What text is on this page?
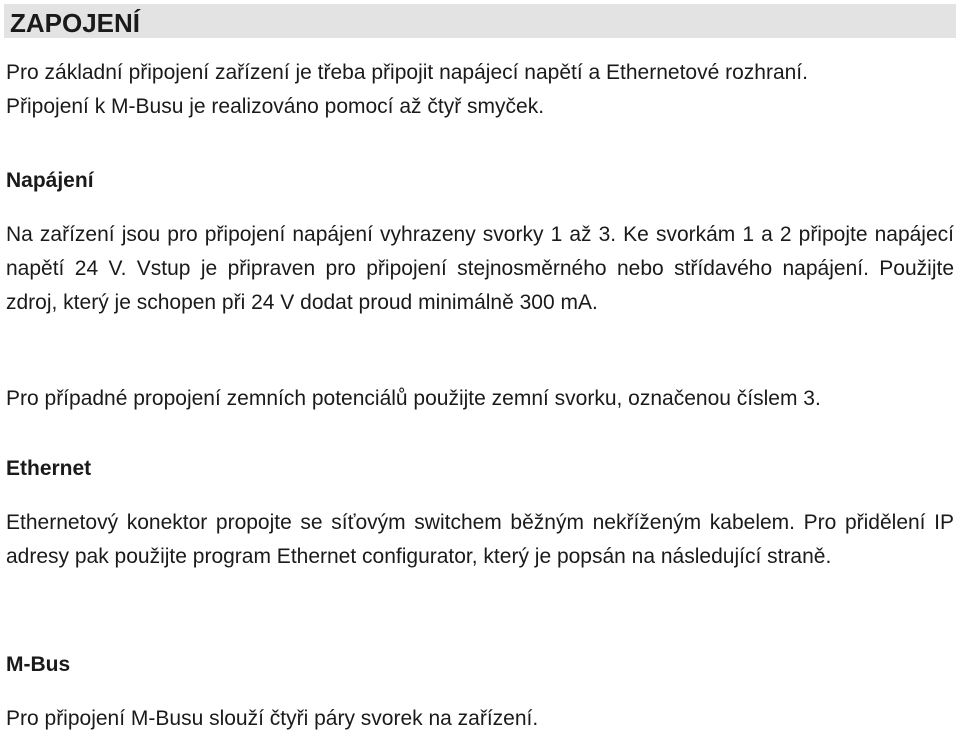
ZAPOJENÍ

Pro základní připojení zařízení je třeba připojit napájecí napětí a Ethernetové rozhraní.
Připojení k M-Busu je realizováno pomocí až čtyř smyček.

Napájení

Na zařízení jsou pro připojení napájení vyhrazeny svorky 1 až 3. Ke svorkám 1 a 2 připojte napájecí napětí 24 V. Vstup je připraven pro připojení stejnosměrného nebo střídavého napájení. Použijte zdroj, který je schopen při 24 V dodat proud minimálně 300 mA.

Pro případné propojení zemních potenciálů použijte zemní svorku, označenou číslem 3.

Ethernet

Ethernetový konektor propojte se síťovým switchem běžným nekříženým kabelem. Pro přidělení IP adresy pak použijte program Ethernet configurator, který je popsán na následující straně.

M-Bus

Pro připojení M-Busu slouží čtyři páry svorek na zařízení.
